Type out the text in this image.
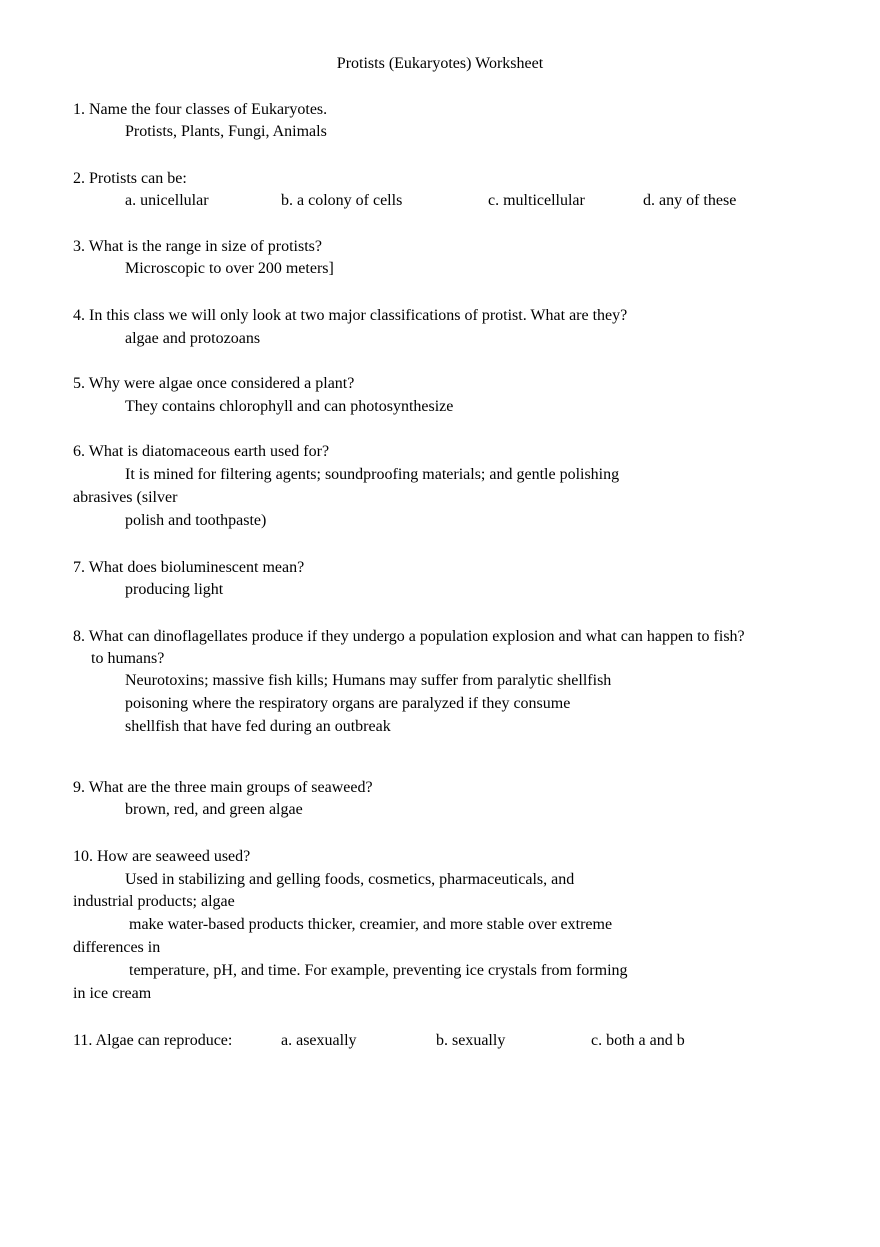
Protists (Eukaryotes) Worksheet
1. Name the four classes of Eukaryotes.
Protists, Plants, Fungi, Animals
2. Protists can be:
a. unicellular	b. a colony of cells	c. multicellular	d. any of these
3. What is the range in size of protists?
Microscopic to over 200 meters]
4. In this class we will only look at two major classifications of protist. What are they?
algae and protozoans
5. Why were algae once considered a plant?
They contains chlorophyll and can photosynthesize
6. What is diatomaceous earth used for?
It is mined for filtering agents; soundproofing materials; and gentle polishing
abrasives (silver
polish and toothpaste)
7. What does bioluminescent mean?
producing light
8. What can dinoflagellates produce if they undergo a population explosion and what can happen to fish?
to humans?
Neurotoxins; massive fish kills; Humans may suffer from paralytic shellfish
poisoning where the respiratory organs are paralyzed if they consume
shellfish that have fed during an outbreak
9. What are the three main groups of seaweed?
brown, red, and green algae
10. How are seaweed used?
Used in stabilizing and gelling foods, cosmetics, pharmaceuticals, and
industrial products; algae
make water-based products thicker, creamier, and more stable over extreme
differences in
temperature, pH, and time. For example, preventing ice crystals from forming
in ice cream
11. Algae can reproduce:	a. asexually	b. sexually	c. both a and b
